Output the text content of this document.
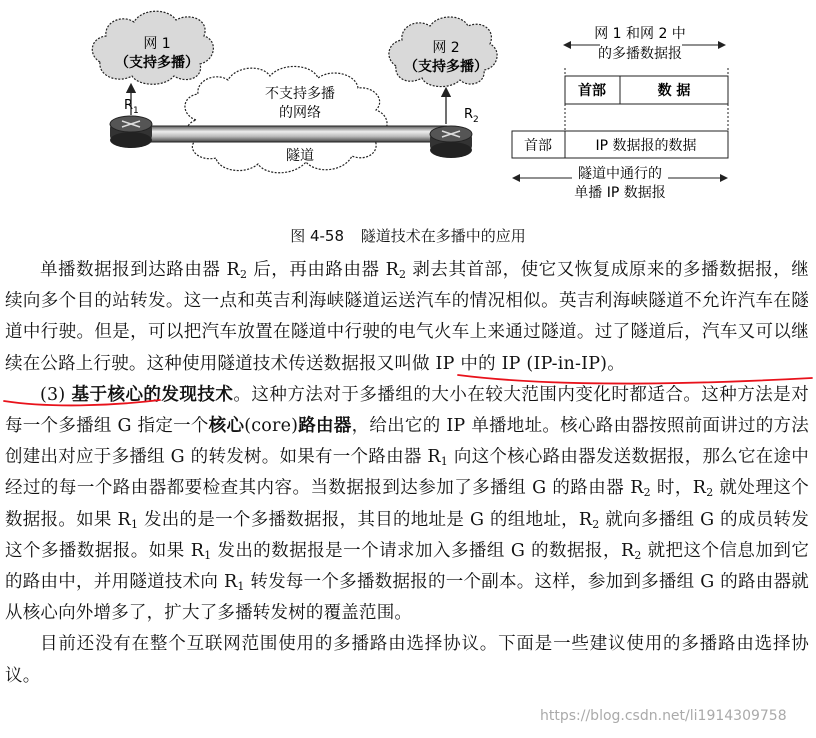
网 1
（支持多播）
网 2
（支持多播）
不支持多播
的网络
隧道
$R_1$	$R_2$
网 1 和网 2 中
的多播数据报
首部	数 据
首部	IP 数据报的数据
隧道中通行的
单播 IP 数据报
图 4-58 隧道技术在多播中的应用

单播数据报到达路由器 $R_2$ 后，再由路由器 $R_2$ 剥去其首部，使它又恢复成原来的多播数据报，继续向多个目的站转发。这一点和英吉利海峡隧道运送汽车的情况相似。英吉利海峡隧道不允许汽车在隧道中行驶。但是，可以把汽车放置在隧道中行驶的电气火车上来通过隧道。过了隧道后，汽车又可以继续在公路上行驶。这种使用隧道技术传送数据报又叫做 IP 中的 IP (IP-in-IP)。

(3) 基于核心的发现技术。这种方法对于多播组的大小在较大范围内变化时都适合。这种方法是对每一个多播组 G 指定一个核心(core)路由器，给出它的 IP 单播地址。核心路由器按照前面讲过的方法创建出对应于多播组 G 的转发树。如果有一个路由器 $R_1$ 向这个核心路由器发送数据报，那么它在途中经过的每一个路由器都要检查其内容。当数据报到达参加了多播组 G 的路由器 $R_2$ 时，$R_2$ 就处理这个数据报。如果 $R_1$ 发出的是一个多播数据报，其目的地址是 G 的组地址，$R_2$ 就向多播组 G 的成员转发这个多播数据报。如果 $R_1$ 发出的数据报是一个请求加入多播组 G 的数据报，$R_2$ 就把这个信息加到它的路由中，并用隧道技术向 $R_1$ 转发每一个多播数据报的一个副本。这样，参加到多播组 G 的路由器就从核心向外增多了，扩大了多播转发树的覆盖范围。

目前还没有在整个互联网范围使用的多播路由选择协议。下面是一些建议使用的多播路由选择协议。

https://blog.csdn.net/li1914309758
